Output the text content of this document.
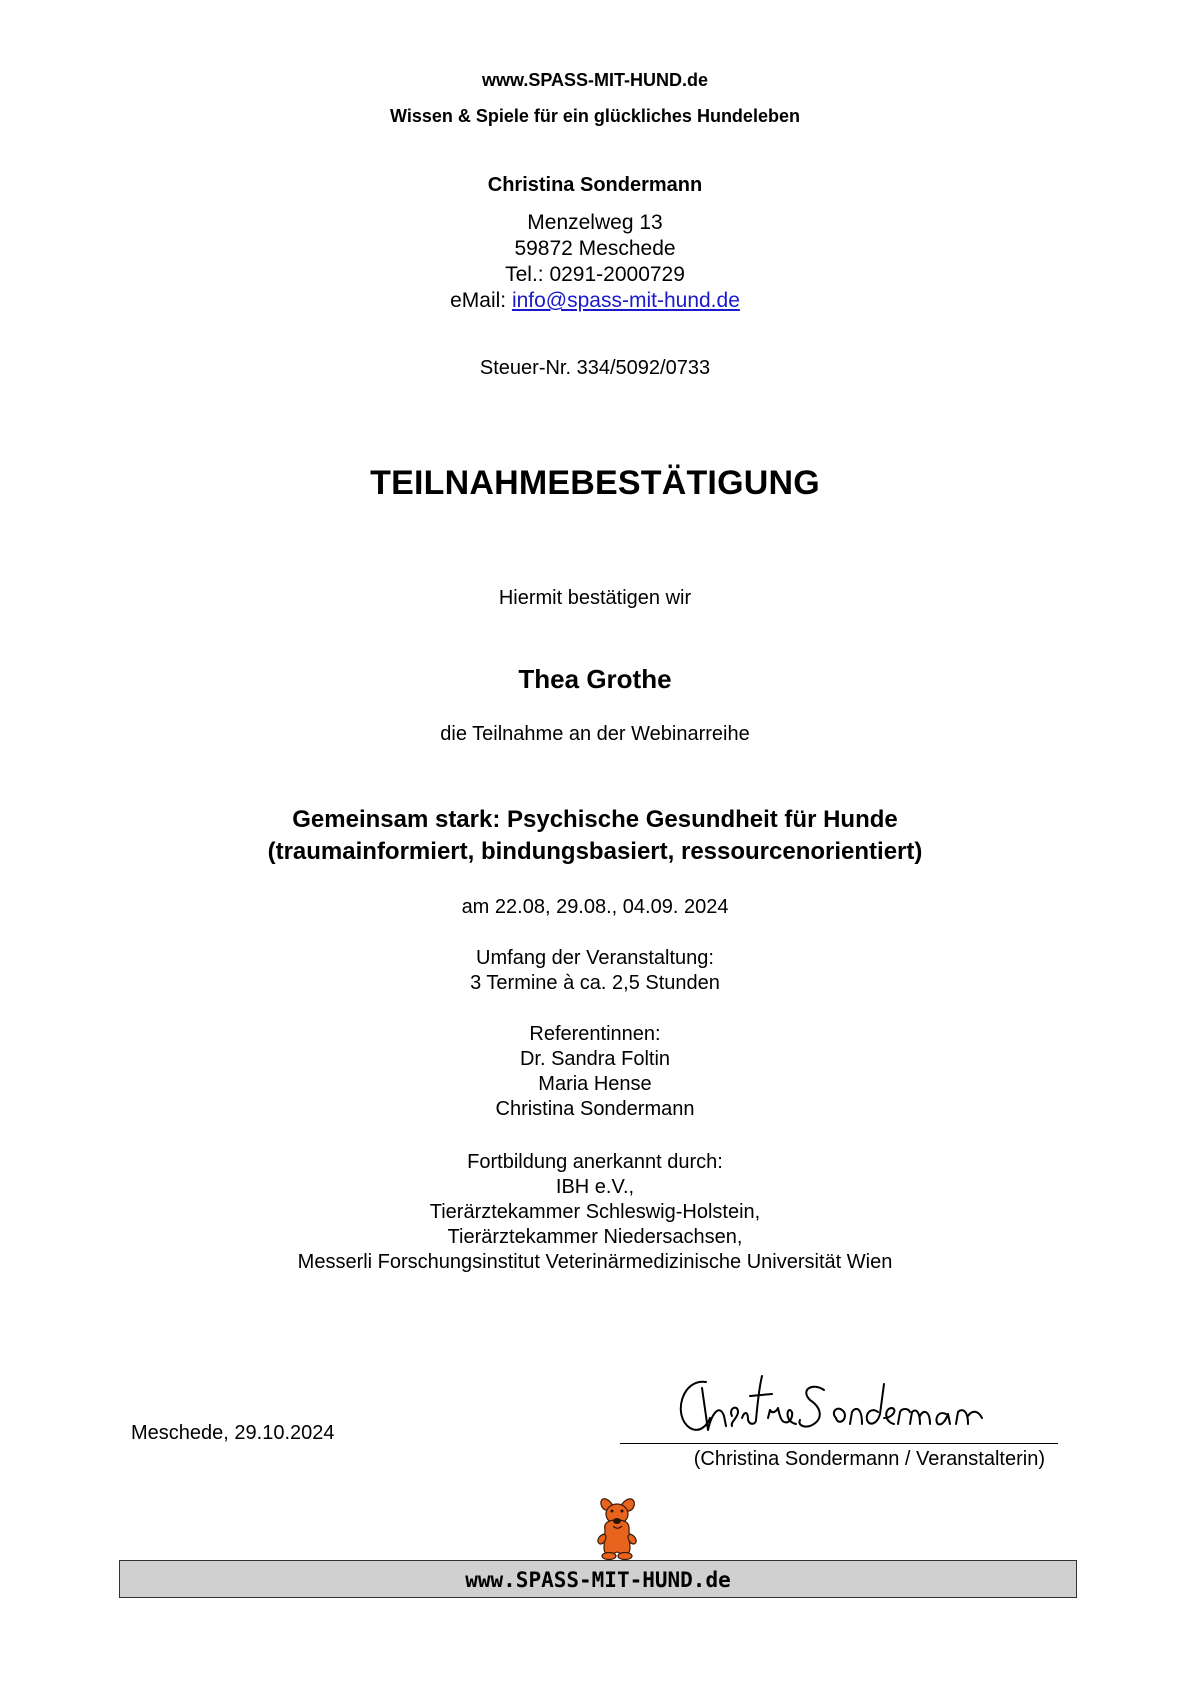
www.SPASS-MIT-HUND.de
Wissen & Spiele für ein glückliches Hundeleben
Christina Sondermann
Menzelweg 13
59872 Meschede
Tel.: 0291-2000729
eMail: info@spass-mit-hund.de
Steuer-Nr. 334/5092/0733
TEILNAHMEBESTÄTIGUNG
Hiermit bestätigen wir
Thea Grothe
die Teilnahme an der Webinarreihe
Gemeinsam stark: Psychische Gesundheit für Hunde
(traumainformiert, bindungsbasiert, ressourcenorientiert)
am 22.08, 29.08., 04.09. 2024
Umfang der Veranstaltung:
3 Termine à ca. 2,5 Stunden
Referentinnen:
Dr. Sandra Foltin
Maria Hense
Christina Sondermann
Fortbildung anerkannt durch:
IBH e.V.,
Tierärztekammer Schleswig-Holstein,
Tierärztekammer Niedersachsen,
Messerli Forschungsinstitut Veterinärmedizinische Universität Wien
Meschede, 29.10.2024
(Christina Sondermann / Veranstalterin)
www.SPASS-MIT-HUND.de
